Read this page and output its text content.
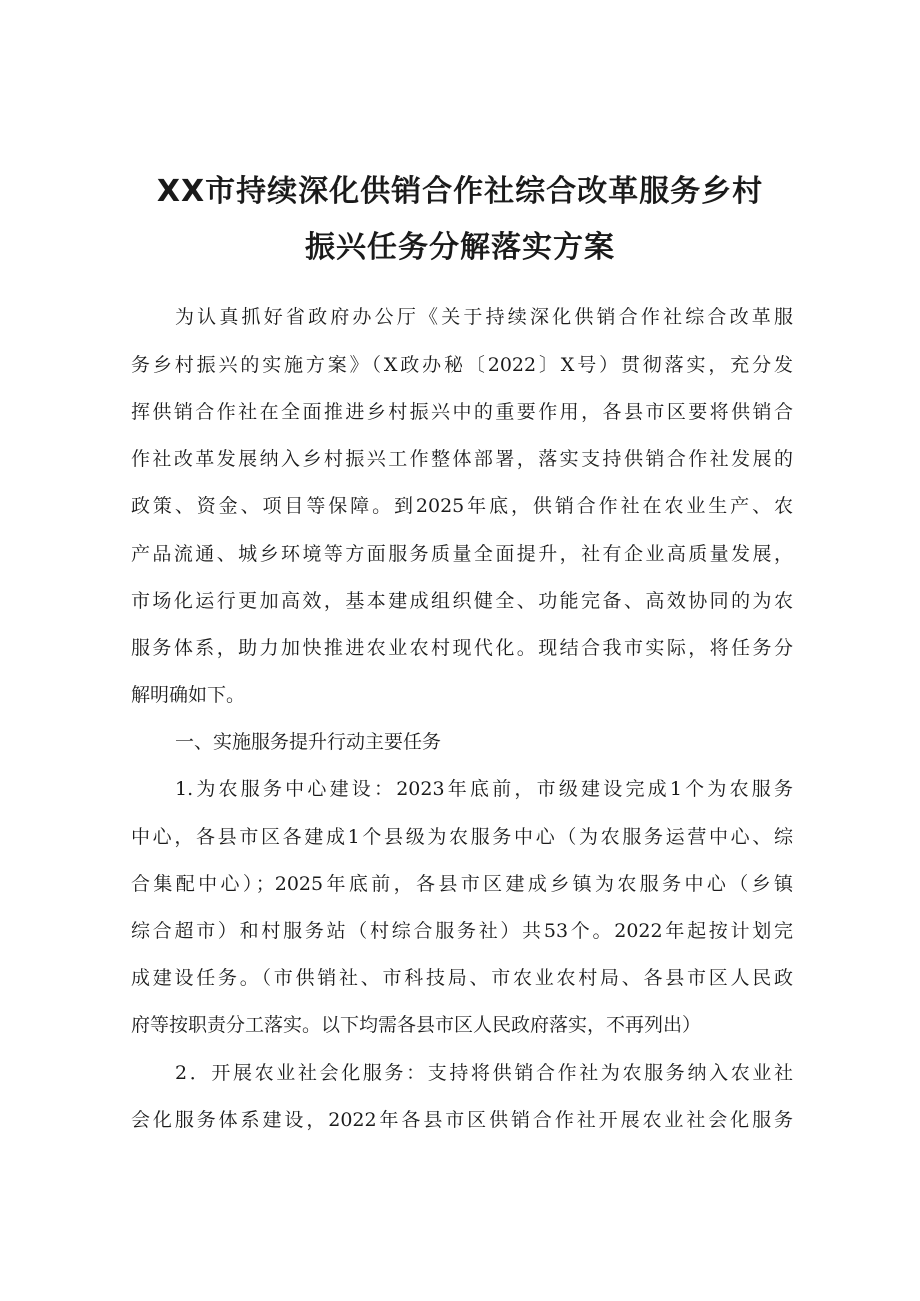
XX市持续深化供销合作社综合改革服务乡村
振兴任务分解落实方案
为认真抓好省政府办公厅《关于持续深化供销合作社综合改革服
务乡村振兴的实施方案》（X政办秘〔2022〕X号）贯彻落实，充分发
挥供销合作社在全面推进乡村振兴中的重要作用，各县市区要将供销合
作社改革发展纳入乡村振兴工作整体部署，落实支持供销合作社发展的
政策、资金、项目等保障。到2025年底，供销合作社在农业生产、农
产品流通、城乡环境等方面服务质量全面提升，社有企业高质量发展，
市场化运行更加高效，基本建成组织健全、功能完备、高效协同的为农
服务体系，助力加快推进农业农村现代化。现结合我市实际，将任务分
解明确如下。
一、实施服务提升行动主要任务
1.为农服务中心建设：2023年底前，市级建设完成1个为农服务
中心，各县市区各建成1个县级为农服务中心（为农服务运营中心、综
合集配中心）；2025年底前，各县市区建成乡镇为农服务中心（乡镇
综合超市）和村服务站（村综合服务社）共53个。2022年起按计划完
成建设任务。（市供销社、市科技局、市农业农村局、各县市区人民政
府等按职责分工落实。以下均需各县市区人民政府落实，不再列出）
2．开展农业社会化服务：支持将供销合作社为农服务纳入农业社
会化服务体系建设，2022年各县市区供销合作社开展农业社会化服务
